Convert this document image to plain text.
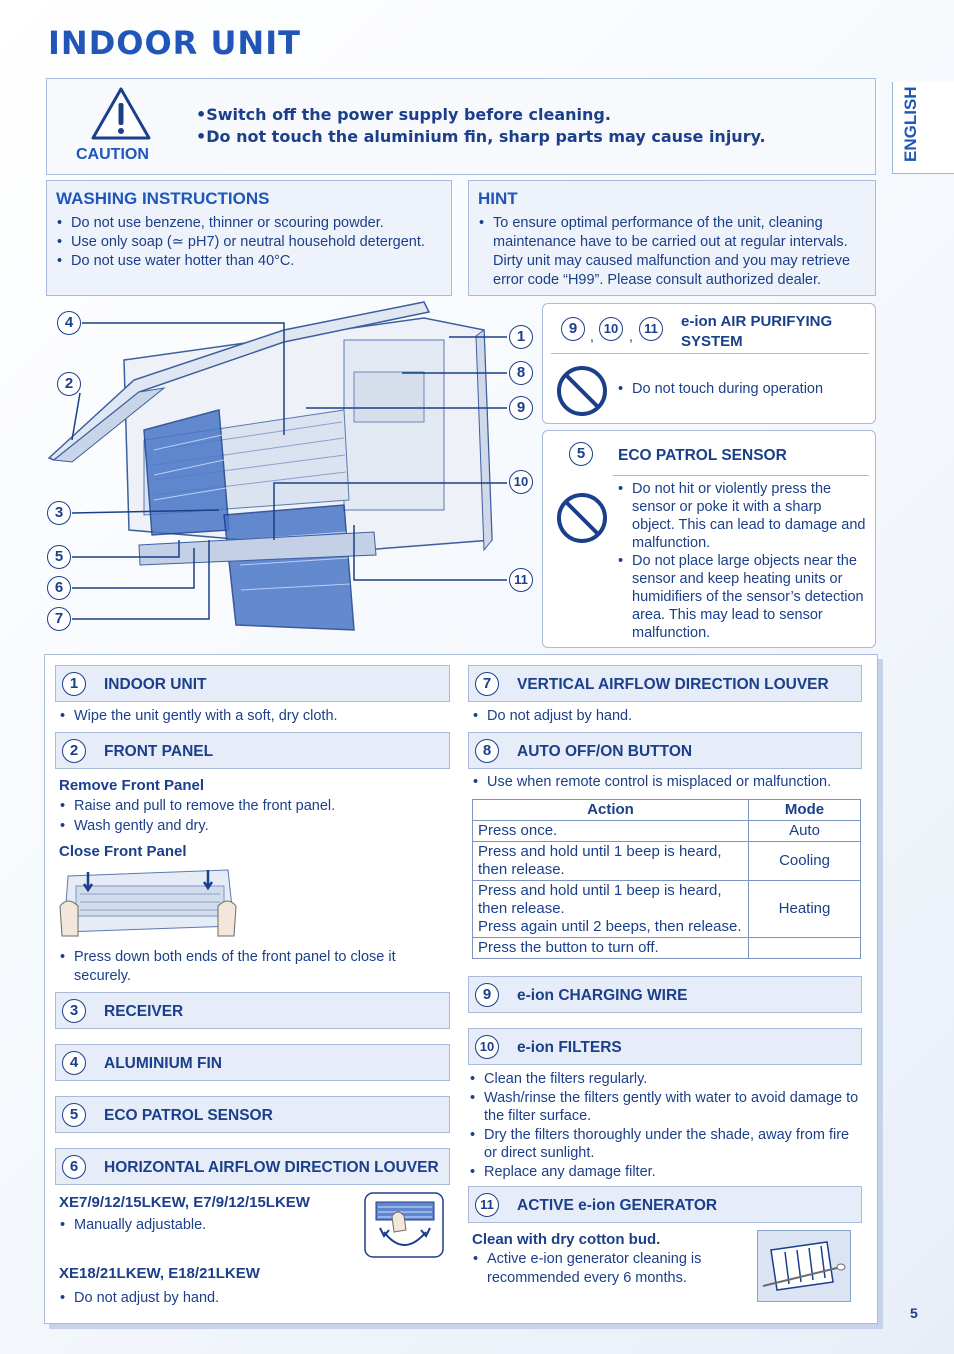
INDOOR UNIT
ENGLISH
CAUTION
•Switch off the power supply before cleaning.
•Do not touch the aluminium fin, sharp parts may cause injury.
WASHING INSTRUCTIONS
• Do not use benzene, thinner or scouring powder.
• Use only soap (≃ pH7) or neutral household detergent.
• Do not use water hotter than 40°C.
HINT
• To ensure optimal performance of the unit, cleaning maintenance have to be carried out at regular intervals. Dirty unit may caused malfunction and you may retrieve error code “H99”. Please consult authorized dealer.
4
2
3
5
6
7
1
8
9
10
11
9 , 10 , 11	e-ion AIR PURIFYING SYSTEM
• Do not touch during operation
5	ECO PATROL SENSOR
• Do not hit or violently press the sensor or poke it with a sharp object. This can lead to damage and malfunction.
• Do not place large objects near the sensor and keep heating units or humidifiers of the sensor’s detection area. This may lead to sensor malfunction.
1	INDOOR UNIT
• Wipe the unit gently with a soft, dry cloth.
2	FRONT PANEL
Remove Front Panel
• Raise and pull to remove the front panel.
• Wash gently and dry.
Close Front Panel
• Press down both ends of the front panel to close it securely.
3	RECEIVER
4	ALUMINIUM FIN
5	ECO PATROL SENSOR
6	HORIZONTAL AIRFLOW DIRECTION LOUVER
XE7/9/12/15LKEW, E7/9/12/15LKEW
• Manually adjustable.
XE18/21LKEW, E18/21LKEW
• Do not adjust by hand.
7	VERTICAL AIRFLOW DIRECTION LOUVER
• Do not adjust by hand.
8	AUTO OFF/ON BUTTON
• Use when remote control is misplaced or malfunction.
Action	Mode
Press once.	Auto
Press and hold until 1 beep is heard, then release.	Cooling

Press and hold until 1 beep is heard, then release.
Press again until 2 beeps, then release.	Heating
Press the button to turn off.	
9	e-ion CHARGING WIRE
10	e-ion FILTERS
• Clean the filters regularly.
• Wash/rinse the filters gently with water to avoid damage to the filter surface.
• Dry the filters thoroughly under the shade, away from fire or direct sunlight.
• Replace any damage filter.
11	ACTIVE e-ion GENERATOR
Clean with dry cotton bud.
• Active e-ion generator cleaning is recommended every 6 months.
5
